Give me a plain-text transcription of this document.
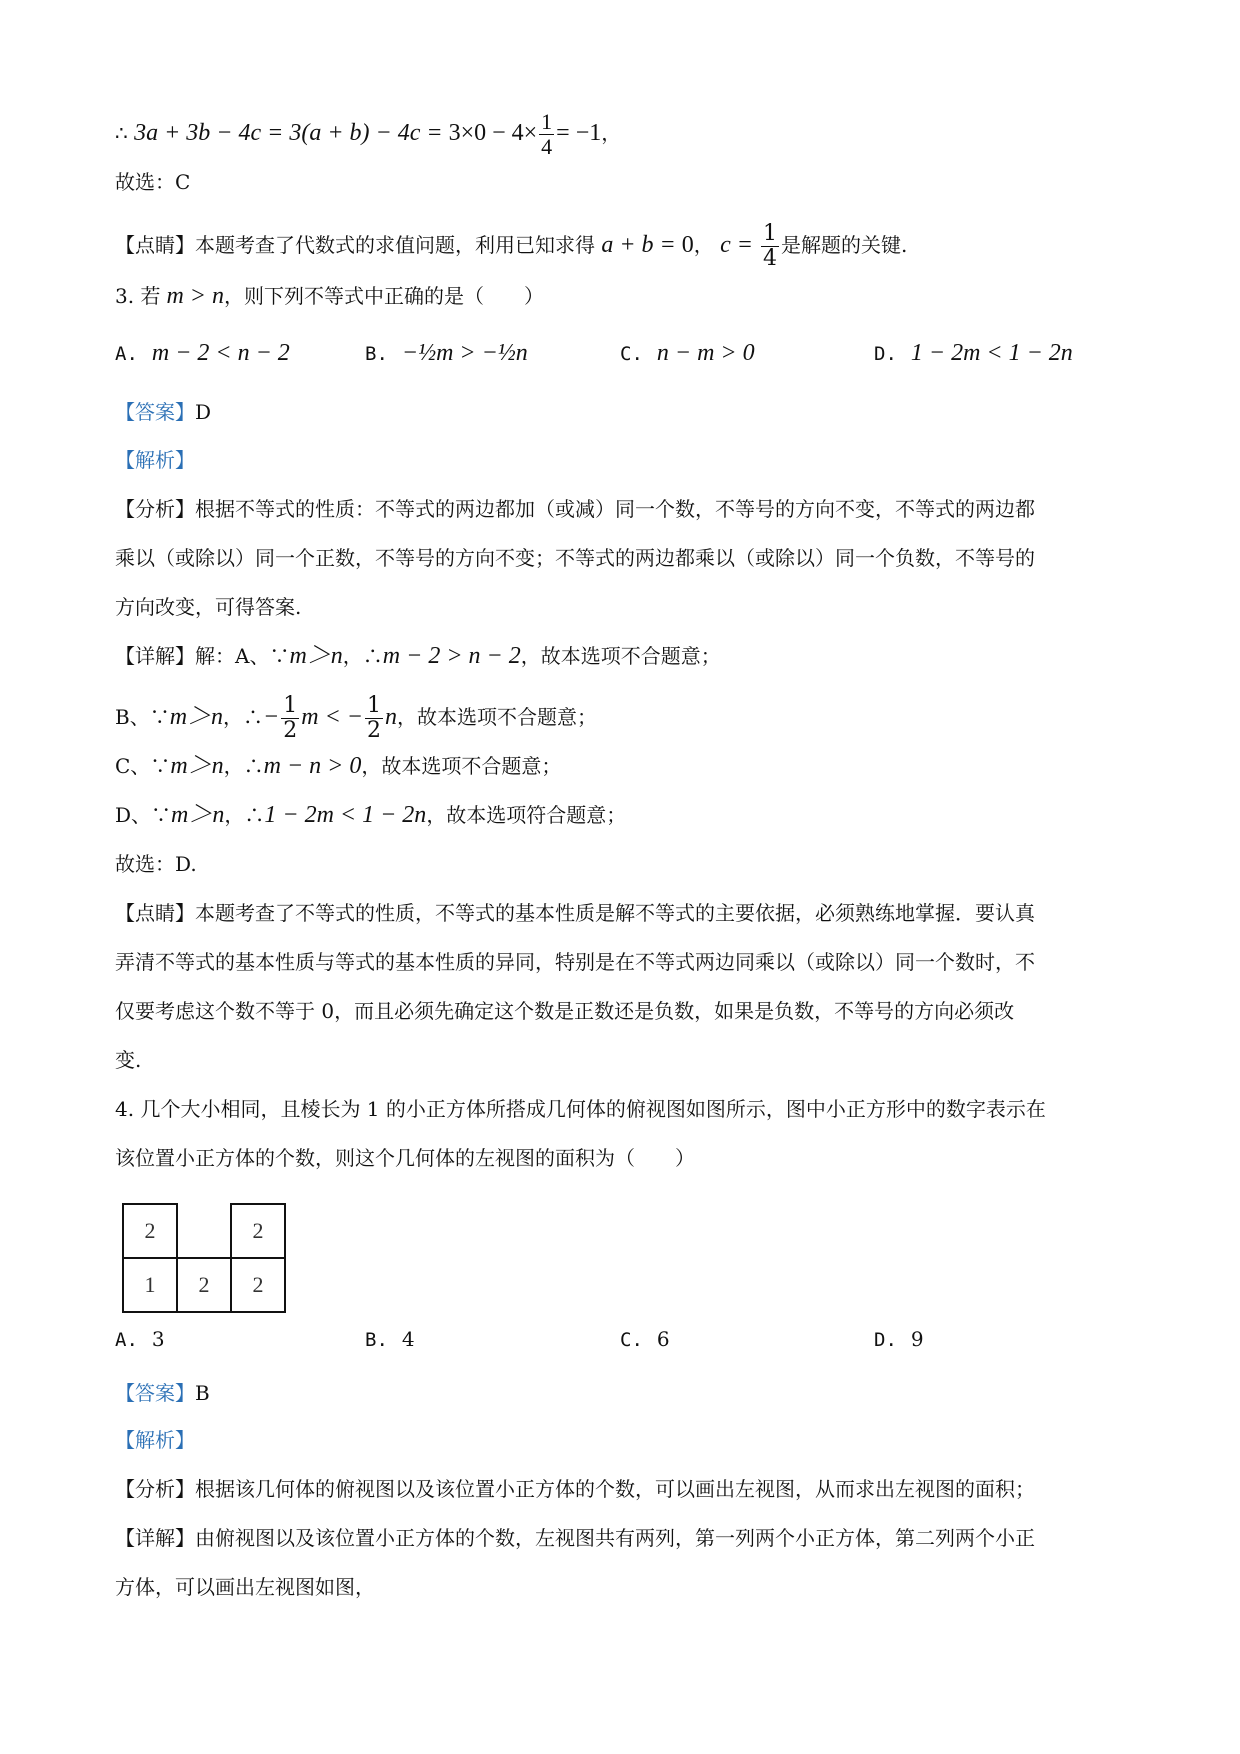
∴ $3a + 3b - 4c = 3(a + b) - 4c = 3\times 0 - 4\times \frac{1}{4} = -1$，
故选：C
【点睛】本题考查了代数式的求值问题，利用已知求得 a + b = 0， $c = \frac{1}{4}$ 是解题的关键.
3. 若 m > n，则下列不等式中正确的是（　　）
A. m − 2 < n − 2	B. −½m > −½n	C. n − m > 0	D. 1 − 2m < 1 − 2n
【答案】D
【解析】
【分析】根据不等式的性质：不等式的两边都加（或减）同一个数，不等号的方向不变，不等式的两边都
乘以（或除以）同一个正数，不等号的方向不变；不等式的两边都乘以（或除以）同一个负数，不等号的
方向改变，可得答案.
【详解】解：A、∵m＞n，∴m − 2 > n − 2，故本选项不合题意；
B、∵m＞n，∴− $\frac{1}{2}$ m < − $\frac{1}{2}$ n，故本选项不合题意；
C、∵m＞n，∴m − n > 0，故本选项不合题意；
D、∵m＞n，∴1 − 2m < 1 − 2n，故本选项符合题意；
故选：D.
【点睛】本题考查了不等式的性质，不等式的基本性质是解不等式的主要依据，必须熟练地掌握．要认真
弄清不等式的基本性质与等式的基本性质的异同，特别是在不等式两边同乘以（或除以）同一个数时，不
仅要考虑这个数不等于 0，而且必须先确定这个数是正数还是负数，如果是负数，不等号的方向必须改
变.
4. 几个大小相同，且棱长为 1 的小正方体所搭成几何体的俯视图如图所示，图中小正方形中的数字表示在
该位置小正方体的个数，则这个几何体的左视图的面积为（　　）
2		2
1	2	2
A. 3	B. 4	C. 6	D. 9
【答案】B
【解析】
【分析】根据该几何体的俯视图以及该位置小正方体的个数，可以画出左视图，从而求出左视图的面积；
【详解】由俯视图以及该位置小正方体的个数，左视图共有两列，第一列两个小正方体，第二列两个小正
方体，可以画出左视图如图，
